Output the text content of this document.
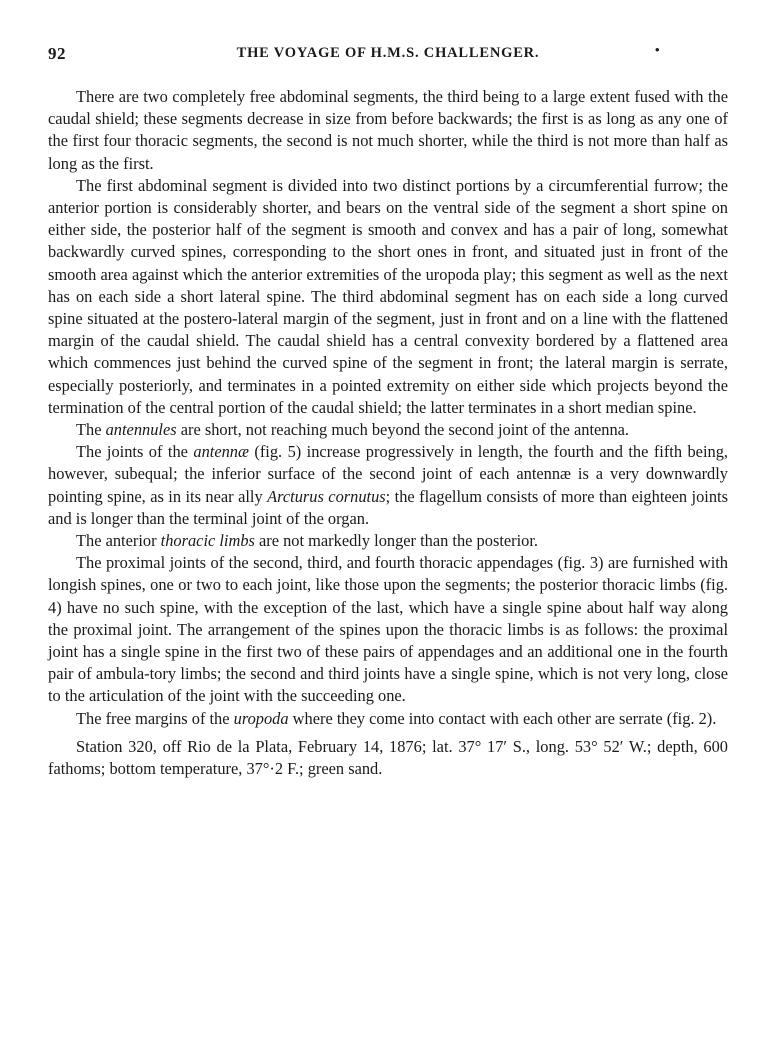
92	THE VOYAGE OF H.M.S. CHALLENGER.	•

There are two completely free abdominal segments, the third being to a large extent fused with the caudal shield; these segments decrease in size from before backwards; the first is as long as any one of the first four thoracic segments, the second is not much shorter, while the third is not more than half as long as the first.

The first abdominal segment is divided into two distinct portions by a circumferential furrow; the anterior portion is considerably shorter, and bears on the ventral side of the segment a short spine on either side, the posterior half of the segment is smooth and convex and has a pair of long, somewhat backwardly curved spines, corresponding to the short ones in front, and situated just in front of the smooth area against which the anterior extremities of the uropoda play; this segment as well as the next has on each side a short lateral spine. The third abdominal segment has on each side a long curved spine situated at the postero-lateral margin of the segment, just in front and on a line with the flattened margin of the caudal shield. The caudal shield has a central convexity bordered by a flattened area which commences just behind the curved spine of the segment in front; the lateral margin is serrate, especially posteriorly, and terminates in a pointed extremity on either side which projects beyond the termination of the central portion of the caudal shield; the latter terminates in a short median spine.

The antennules are short, not reaching much beyond the second joint of the antenna.

The joints of the antennæ (fig. 5) increase progressively in length, the fourth and the fifth being, however, subequal; the inferior surface of the second joint of each antennæ is a very downwardly pointing spine, as in its near ally Arcturus cornutus; the flagellum consists of more than eighteen joints and is longer than the terminal joint of the organ.

The anterior thoracic limbs are not markedly longer than the posterior.

The proximal joints of the second, third, and fourth thoracic appendages (fig. 3) are furnished with longish spines, one or two to each joint, like those upon the segments; the posterior thoracic limbs (fig. 4) have no such spine, with the exception of the last, which have a single spine about half way along the proximal joint. The arrangement of the spines upon the thoracic limbs is as follows: the proximal joint has a single spine in the first two of these pairs of appendages and an additional one in the fourth pair of ambula-tory limbs; the second and third joints have a single spine, which is not very long, close to the articulation of the joint with the succeeding one.

The free margins of the uropoda where they come into contact with each other are serrate (fig. 2).

Station 320, off Rio de la Plata, February 14, 1876; lat. 37° 17′ S., long. 53° 52′ W.; depth, 600 fathoms; bottom temperature, 37°·2 F.; green sand.
